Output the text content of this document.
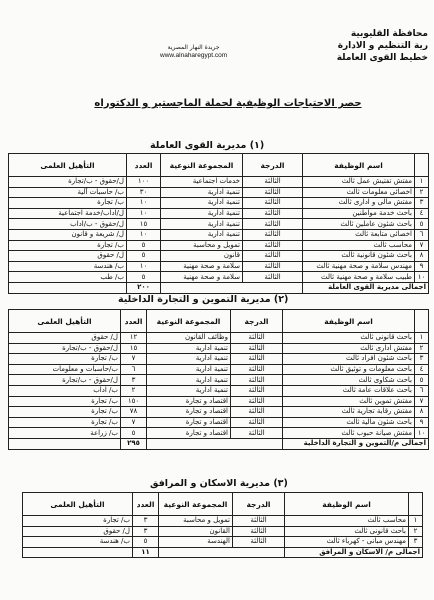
محافظة القليوبية
رية التنظيم و الادارة
خطيط القوى العاملة
جريدة النهار المصرية
www.alnaharegypt.com
حصر الاحتياجات الوظيفية لحملة الماجستير و الدكتوراه
(١) مديرية القوى العاملة
	اسم الوظيفة	الدرجة	المجموعة النوعية	العدد	التأهيل العلمى
١	مفتش تفتيش عمل ثالث	الثالثة	خدمات اجتماعية	١٠٠	ل/حقوق - ب/تجارة
٢	اخصائى معلومات ثالث	الثالثة	تنمية ادارية	٣٠	ب/ حاسبات آلية
٣	مفتش مالى و ادارى ثالث	الثالثة	تنمية ادارية	١٠	ب/ تجارة
٤	باحث خدمة مواطنين	الثالثة	تنمية ادارية	١٠	ل/اداب/خدمة اجتماعية
٥	باحث شئون عاملين ثالث	الثالثة	تنمية ادارية	١٥	ل/حقوق - ب/اداب
٦	اخصائى متابعة ثالث	الثالثة	تنمية ادارية	١٠	ل/ شريعة و قانون
٧	محاسب ثالث	الثالثة	تمويل و محاسبة	٥	ب/ تجارة
٨	باحث شئون قانونية ثالث	الثالثة	قانون	٥	ل/ حقوق
٩	مهندس سلامة و صحة مهنية ثالث	الثالثة	سلامة و صحة مهنية	١٠	ب/ هندسة
١٠	طبيب سلامة و صحة مهنية ثالث	الثالثة	سلامة و صحة مهنية	٥	ب/ طب
اجمالى مديرية القوى العاملة				٢٠٠	
(٢) مديرية التموين و التجارة الداخلية
	اسم الوظيفة	الدرجة	المجموعة النوعية	العدد	التأهيل العلمى
١	باحث قانونى ثالث	الثالثة	وظائف القانون	١٢	ل/ حقوق
٢	مفتش ادارى ثالث	الثالثة	تنمية ادارية	١٥	ل/حقوق - ب/تجارة
٣	باحث شئون افراد ثالث	الثالثة	تنمية ادارية	٧	ب/ تجارة
٤	باحث معلومات و توثيق ثالث	الثالثة	تنمية ادارية	٦	ب/حاسبات و معلومات
٥	باحث شكاوى ثالث	الثالثة	تنمية ادارية	٣	ل/حقوق - ب/تجارة
٦	باحث علاقات عامة ثالث	الثالثة	تنمية ادارية	٢	ب/ اداب
٧	مفتش تموين ثالث	الثالثة	اقتصاد و تجارة	١٥٠	ب/ تجارة
٨	مفتش رقابة تجارية ثالث	الثالثة	اقتصاد و تجارة	٧٨	ب/ تجارة
٩	باحث شئون مالية ثالث	الثالثة	اقتصاد و تجارة	٧	ب/ تجارة
١٠	مفتش صيانة حبوب ثالث	الثالثة	اقتصاد و تجارة	٥	ب/ زراعة
اجمالى م/التموين و التجارة الداخلية				٢٩٥	
(٣) مديرية الاسكان و المرافق
	اسم الوظيفة	الدرجة	المجموعة النوعية	العدد	التأهيل العلمى
١	محاسب ثالث	الثالثة	تمويل و محاسبة	٣	ب/ تجارة
٢	باحث قانونى ثالث	الثالثة	القانون	٣	ل/ حقوق
٣	مهندس مبانى - كهرباء ثالث	الثالثة	الهندسة	٥	ب/ هندسة
اجمالى م/ الاسكان و المرافق				١١	
